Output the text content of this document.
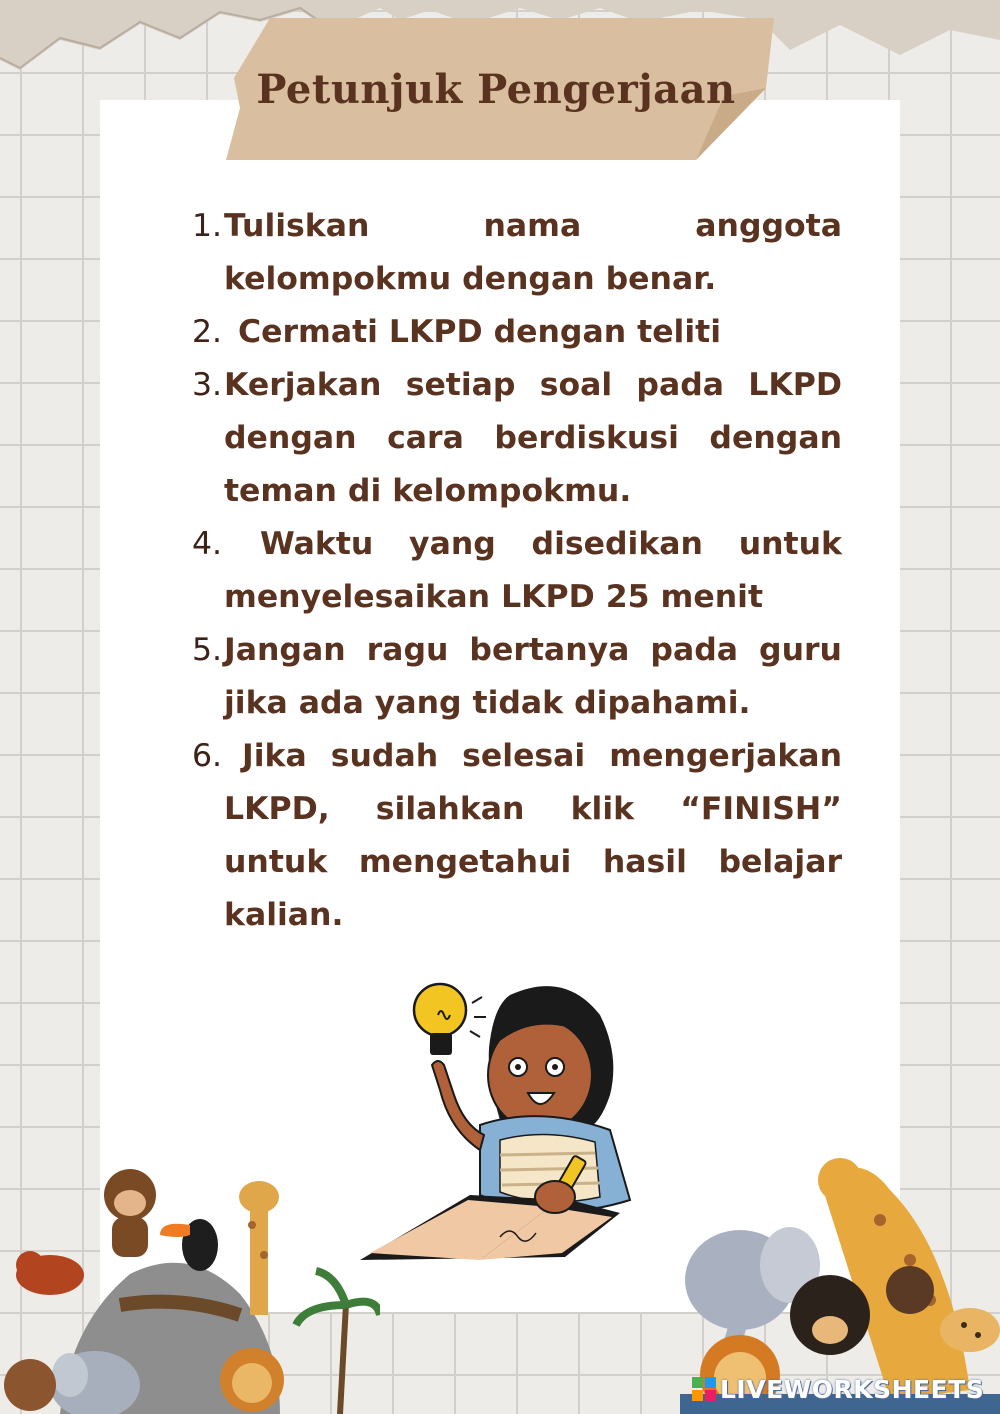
Petunjuk Pengerjaan
1. Tuliskan nama anggota kelompokmu dengan benar.
2. Cermati LKPD dengan teliti
3. Kerjakan setiap soal pada LKPD dengan cara berdiskusi dengan teman di kelompokmu.
4.	Waktu yang disedikan untuk menyelesaikan LKPD 25 menit
5. Jangan ragu bertanya pada guru jika ada yang tidak dipahami.
6. Jika sudah selesai mengerjakan LKPD, silahkan klik “FINISH” untuk mengetahui hasil belajar kalian.
LIVEWORKSHEETS
